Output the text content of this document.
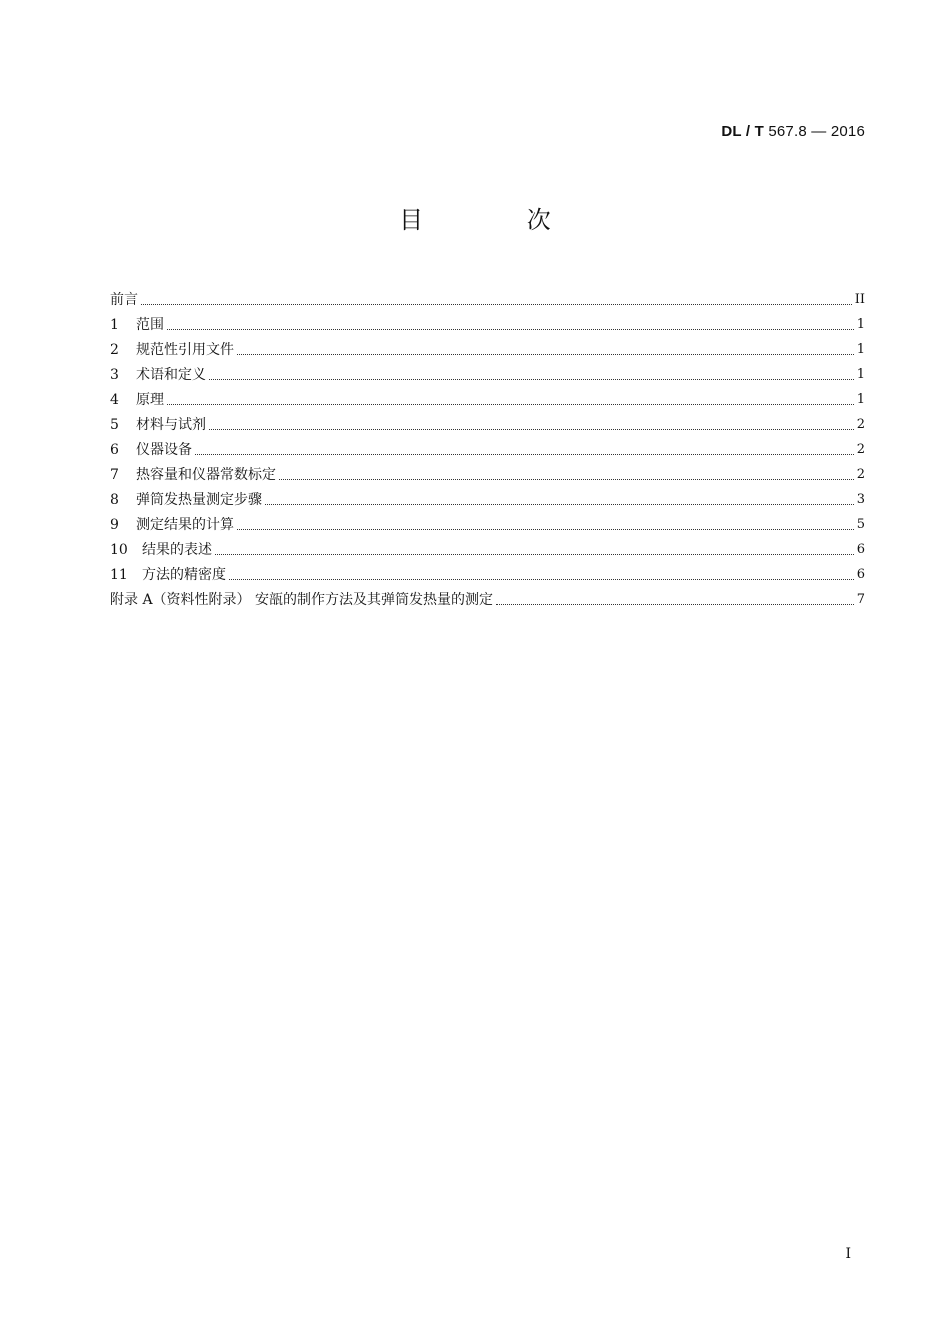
DL / T 567.8 — 2016
目 次
前言	II
1	范围	1
2	规范性引用文件	1
3	术语和定义	1
4	原理	1
5	材料与试剂	2
6	仪器设备	2
7	热容量和仪器常数标定	2
8	弹筒发热量测定步骤	3
9	测定结果的计算	5
10	结果的表述	6
11	方法的精密度	6
附录 A（资料性附录） 安瓿的制作方法及其弹筒发热量的测定	7
I
